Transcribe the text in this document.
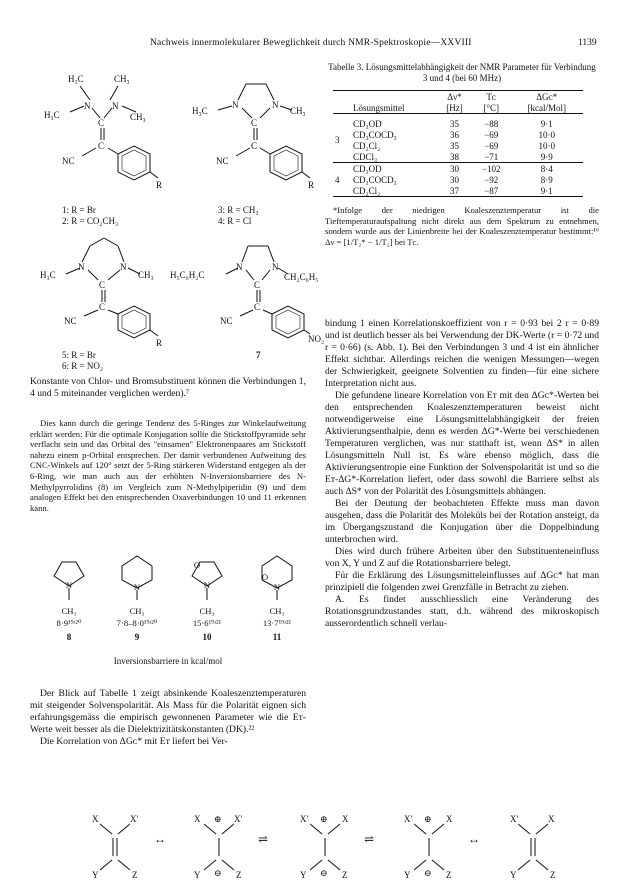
Nachweis innermolekularer Beweglichkeit durch NMR-Spektroskopie—XXVIII	1139
H₃C	CH₃
H₃C
N N
CH₃
C
C
NC
R
H₃C
N	N
CH₃
C
C
NC
R
1: R = Br
2: R = CO₂CH₃
3: R = CH₃
4: R = Cl
H₃C
N	N
CH₃
C
C
NC
R
H₅C₆H₂C
N	N
CH₂C₆H₅
C
C
NC
NO₂
5: R = Br
6: R = NO₂
7

Konstante von Chlor- und Bromsubstituent können die Verbindungen 1, 4 und 5 miteinander verglichen werden).⁷

Dies kann durch die geringe Tendenz des 5-Ringes zur Winkelaufweitung erklärt werden: Für die optimale Konjugation sollte die Stickstoffpyramide sehr verflacht sein und das Orbital des "einsamen" Elektronenpaares am Stickstoff nahezu einem p-Orbital entsprechen. Der damit verbundenen Aufweitung des CNC-Winkels auf 120° setzt der 5-Ring stärkeren Widerstand entgegen als der 6-Ring, wie man auch aus der erhöhten N-Inversionsbarriere des N-Methylpyrrolidins (8) im Vergleich zum N-Methylpiperidin (9) und dem analogen Effekt bei den entsprechenden Oxaverbindungen 10 und 11 erkennen kann.

N	N	N
O
N
O
CH₃	CH₃	CH₃	CH₃
8·9¹⁹ʴ²⁰	7·8–8·0¹⁹ʴ²⁰	15·6¹⁹ʴ²¹	13·7¹⁹ʴ²¹
8	9	10	11
Inversionsbarriere in kcal/mol

Der Blick auf Tabelle 1 zeigt absinkende Koaleszenztemperaturen mit steigender Solvenspolarität. Als Mass für die Polarität eignen sich erfahrungsgemäss die empirisch gewonnenen Parameter wie die Eᴛ-Werte weit besser als die Dielektrizitätskonstanten (DK).²²

Die Korrelation von ΔGᴄ* mit Eᴛ liefert bei Ver-

Tabelle 3. Lösungsmittelabhängigkeit der NMR Parameter für Verbindung 3 und 4 (bei 60 MHz)
		Δν*	Tᴄ	ΔGᴄ*
	Lösungsmittel	[Hz]	[°C]	[kcal/Mol]

3	CD₃OD	35	−88	9·1
	CD₃COCD₃	36	−69	10·0
	CD₂Cl₂	35	−69	10·0
	CDCl₃	38	−71	9·9
4	CD₃OD	30	−102	8·4
	CD₃COCD₃	30	−92	8·9
	CD₂Cl₂	37	−87	9·1
*Infolge der niedrigen Koaleszenztemperatur ist die Tieftemperaturaufspaltung nicht direkt aus dem Spektrum zu entnehmen, sondern wurde aus der Linienbreite bei der Koaleszenztemperatur bestimmt:¹⁶ Δν = [1/T₂* − 1/T₂] bei Tᴄ.

bindung 1 einen Korrelationskoeffizient von r = 0·93 bei 2 r = 0·89 und ist deutlich besser als bei Verwendung der DK-Werte (r = 0·72 und r = 0·66) (s. Abb. 1). Bei den Verbindungen 3 und 4 ist ein ähnlicher Effekt sichtbar. Allerdings reichen die wenigen Messungen—wegen der Schwierigkeit, geeignete Solventien zu finden—für eine sichere Interpretation nicht aus.

Die gefundene lineare Korrelation von Eᴛ mit den ΔGᴄ*-Werten bei den entsprechenden Koaleszenztemperaturen beweist nicht notwendigerweise eine Lösungsmittelabhängigkeit der freien Aktivierungsenthalpie, denn es werden ΔG*-Werte bei verschiedenen Temperaturen verglichen, was nur statthaft ist, wenn ΔS* in allen Lösungsmitteln Null ist. Es wäre ebenso möglich, dass die Aktivierungsentropie eine Funktion der Solvenspolarität ist und so die Eᴛ-ΔG*-Korrelation liefert, oder dass sowohl die Barriere selbst als auch ΔS* von der Polarität des Lösungsmittels abhängen.

Bei der Deutung der beobachteten Effekte muss man davon ausgehen, dass die Polarität des Moleküls bei der Rotation ansteigt, da im Übergangszustand die Konjugation über die Doppelbindung unterbrochen wird.

Dies wird durch frühere Arbeiten über den Substituenteneinfluss von X, Y und Z auf die Rotationsbarriere belegt.

Für die Erklärung des Lösungsmitteleinflusses auf ΔGᴄ* hat man prinzipiell die folgenden zwei Grenzfälle in Betracht zu ziehen.

A. Es findet ausschliesslich eine Veränderung des Rotationsgrundzustandes statt, d.h. während des mikroskopisch ausserordentlich schnell verlau-

X	X'
Y	Z
↔
X ⊕ X'
Y ⊖ Z
⇌
X' ⊕ X
Y ⊖ Z
⇌
X' ⊕ X
Y ⊖ Z
↔
X'	X
Y	Z
